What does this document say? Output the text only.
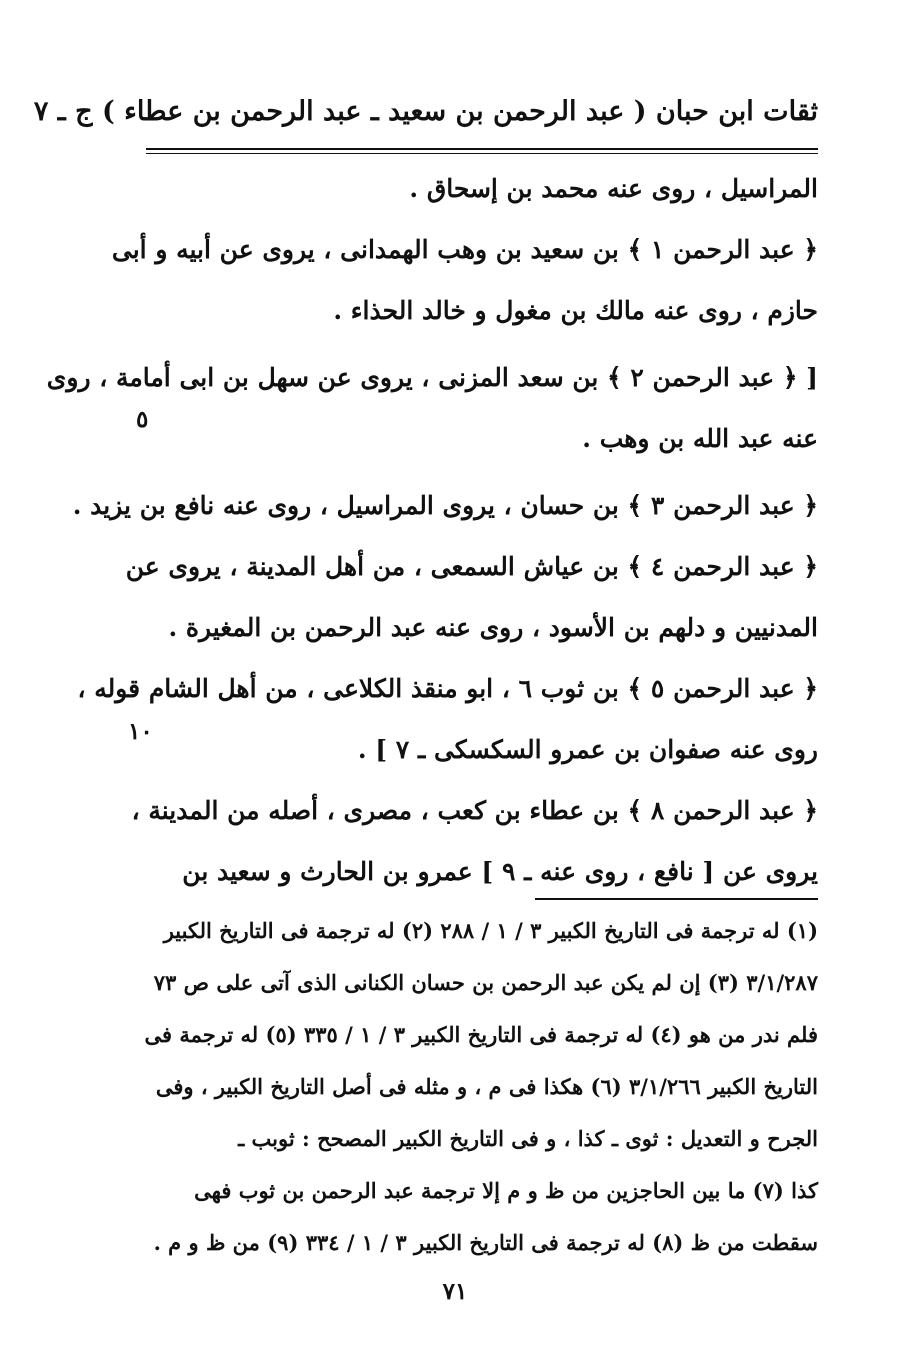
ثقات ابن حبان ( عبد الرحمن بن سعيد ـ عبد الرحمن بن عطاء ) ج ـ ٧
المراسيل ، روى عنه محمد بن إسحاق .
﴿ عبد الرحمن ١ ﴾ بن سعيد بن وهب الهمدانى ، يروى عن أبيه و أبى
حازم ، روى عنه مالك بن مغول و خالد الحذاء .
[ ﴿ عبد الرحمن ٢ ﴾ بن سعد المزنى ، يروى عن سهل بن ابى أمامة ، روى
عنه عبد الله بن وهب .
﴿ عبد الرحمن ٣ ﴾ بن حسان ، يروى المراسيل ، روى عنه نافع بن يزيد .
﴿ عبد الرحمن ٤ ﴾ بن عياش السمعى ، من أهل المدينة ، يروى عن
المدنيين و دلهم بن الأسود ، روى عنه عبد الرحمن بن المغيرة .
﴿ عبد الرحمن ٥ ﴾ بن ثوب ٦ ، ابو منقذ الكلاعى ، من أهل الشام قوله ،
روى عنه صفوان بن عمرو السكسكى ـ ٧ ] .
﴿ عبد الرحمن ٨ ﴾ بن عطاء بن كعب ، مصرى ، أصله من المدينة ،
يروى عن [ نافع ، روى عنه ـ ٩ ] عمرو بن الحارث و سعيد بن
٥
١٠
(١) له ترجمة فى التاريخ الكبير ٣ / ١ / ٢٨٨ (٢) له ترجمة فى التاريخ الكبير
٣/١/٢٨٧ (٣) إن لم يكن عبد الرحمن بن حسان الكنانى الذى آتى على ص ٧٣
فلم ندر من هو (٤) له ترجمة فى التاريخ الكبير ٣ / ١ / ٣٣٥ (٥) له ترجمة فى
التاريخ الكبير ٣/١/٢٦٦ (٦) هكذا فى م ، و مثله فى أصل التاريخ الكبير ، وفى
الجرح و التعديل : ثوى ـ كذا ، و فى التاريخ الكبير المصحح : ثوبب ـ
كذا (٧) ما بين الحاجزين من ظ و م إلا ترجمة عبد الرحمن بن ثوب فهى
سقطت من ظ (٨) له ترجمة فى التاريخ الكبير ٣ / ١ / ٣٣٤ (٩) من ظ و م .
٧١
